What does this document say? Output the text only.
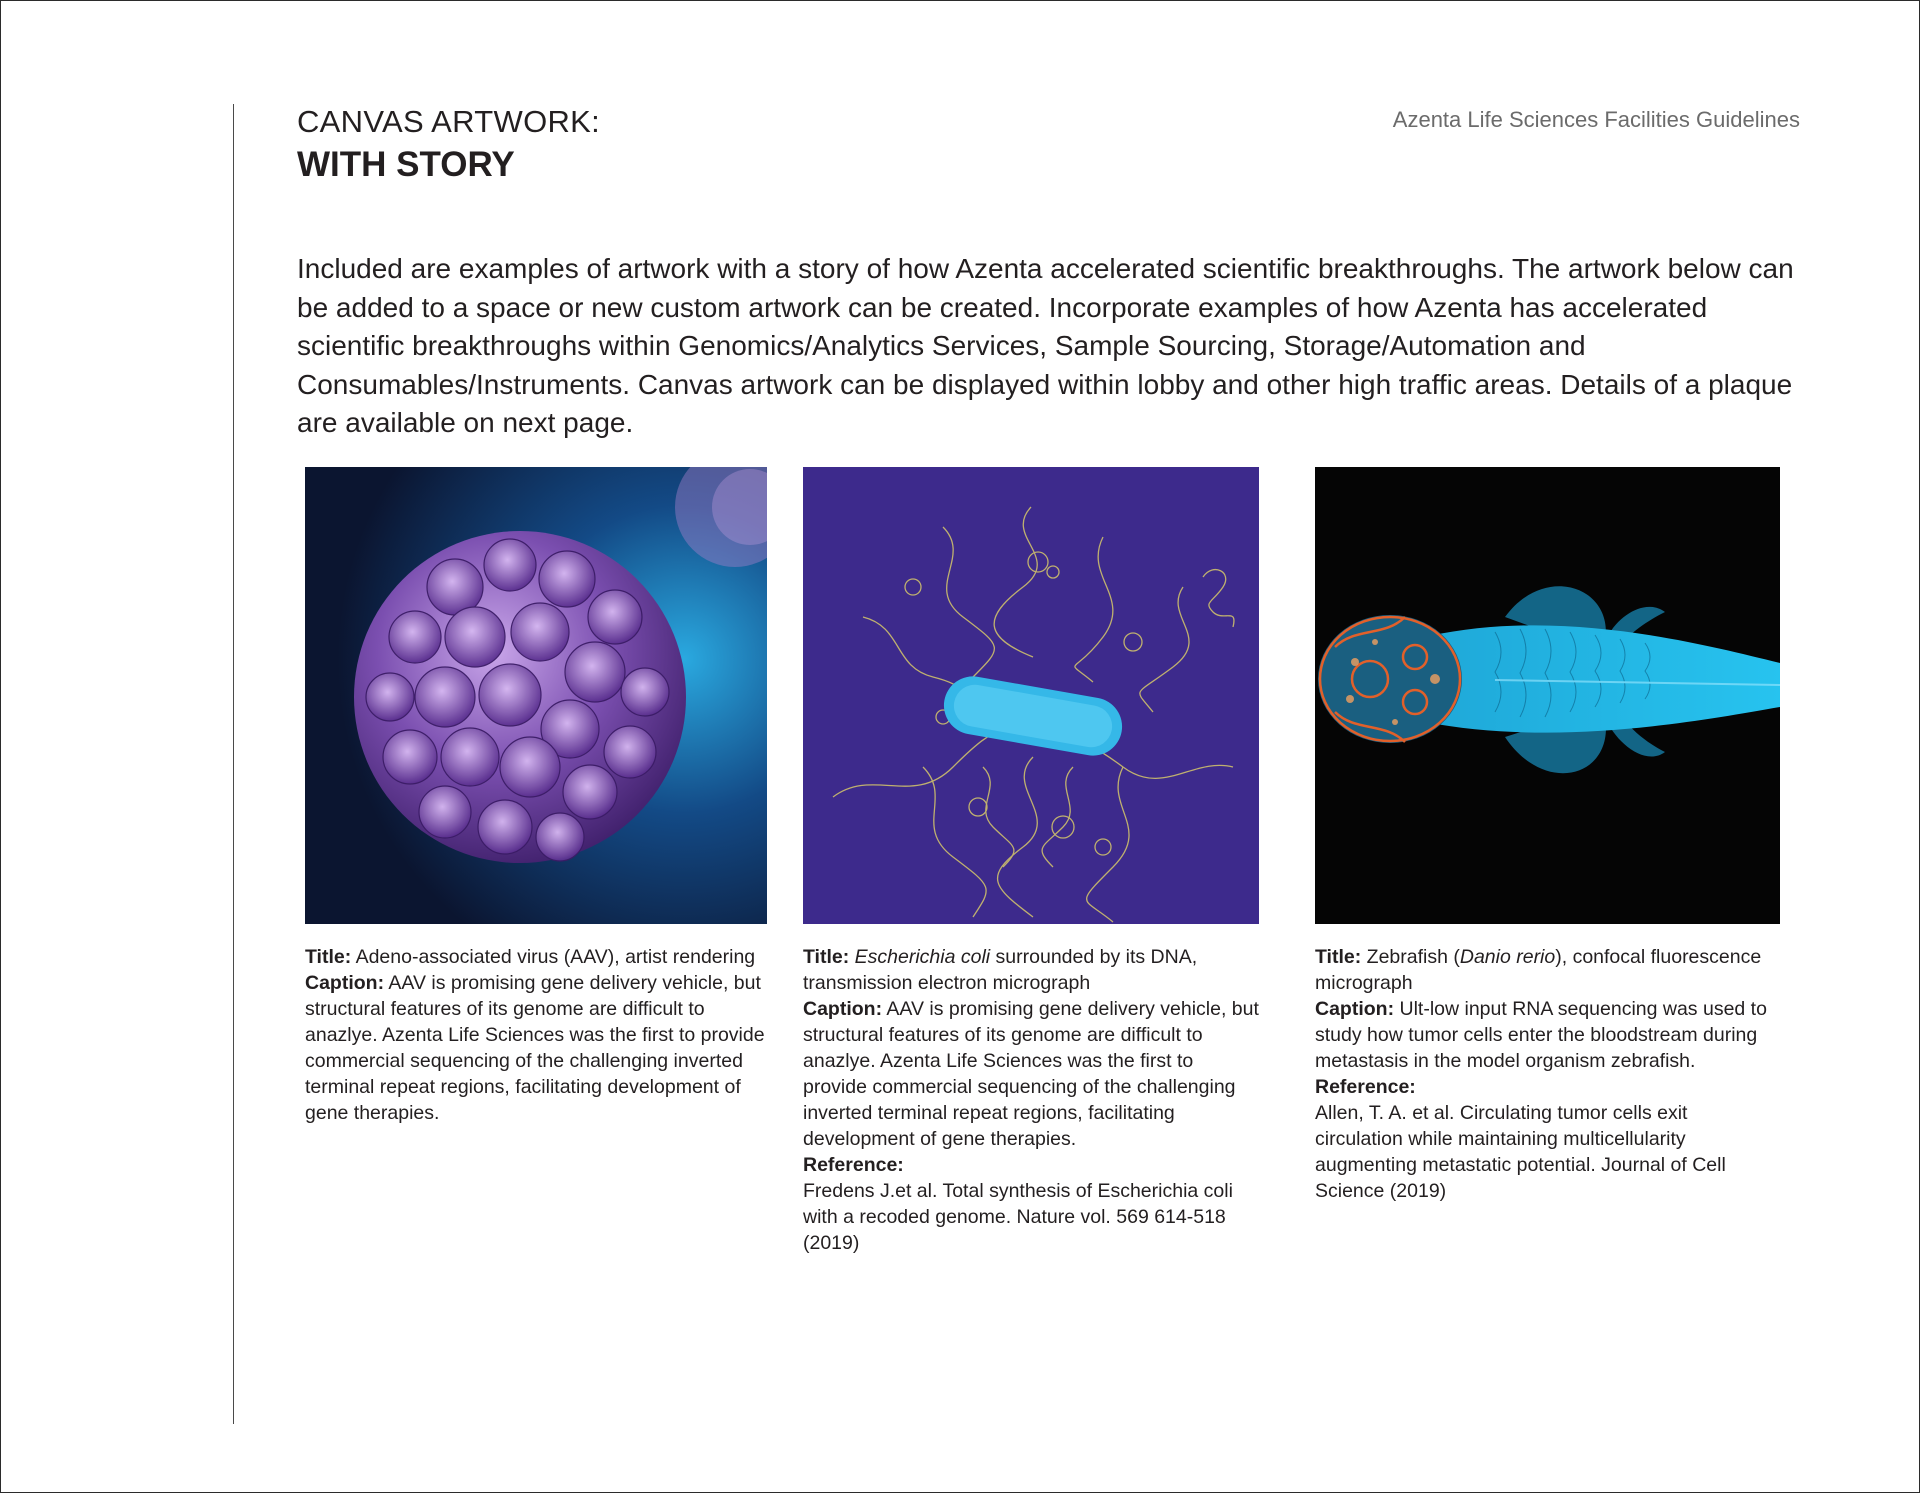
CANVAS ARTWORK:
WITH STORY
Azenta Life Sciences Facilities Guidelines
Included are examples of artwork with a story of how Azenta accelerated scientific breakthroughs. The artwork below can be added to a space or new custom artwork can be created. Incorporate examples of how Azenta has accelerated scientific breakthroughs within Genomics/Analytics Services, Sample Sourcing, Storage/Automation and Consumables/Instruments. Canvas artwork can be displayed within lobby and other high traffic areas. Details of a plaque are available on next page.

Title: Adeno-associated virus (AAV), artist rendering

Caption: AAV is promising gene delivery vehicle, but structural features of its genome are difficult to anazlye. Azenta Life Sciences was the first to provide commercial sequencing of the challenging inverted terminal repeat regions, facilitating development of gene therapies.

Title: Escherichia coli surrounded by its DNA, transmission electron micrograph

Caption: AAV is promising gene delivery vehicle, but structural features of its genome are difficult to anazlye. Azenta Life Sciences was the first to provide commercial sequencing of the challenging inverted terminal repeat regions, facilitating development of gene therapies.

Reference:

Fredens J.et al. Total synthesis of Escherichia coli with a recoded genome. Nature vol. 569 614-518 (2019)

Title: Zebrafish (Danio rerio), confocal fluorescence micrograph

Caption: Ult-low input RNA sequencing was used to study how tumor cells enter the bloodstream during metastasis in the model organism zebrafish.

Reference:

Allen, T. A. et al. Circulating tumor cells exit circulation while maintaining multicellularity augmenting metastatic potential. Journal of Cell Science (2019)
